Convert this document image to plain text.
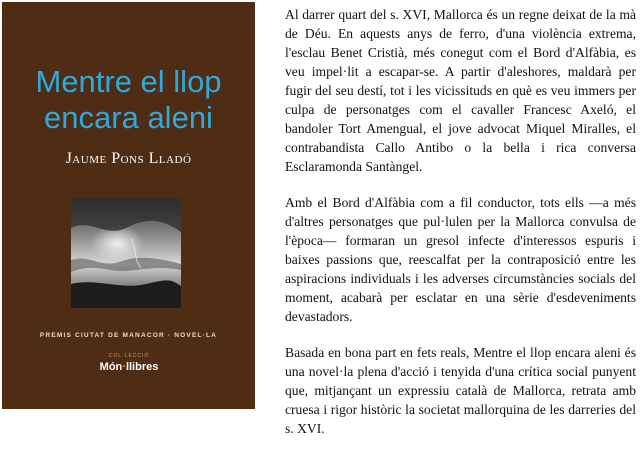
Mentre el llop encara aleni
Jaume Pons Lladó
PREMIS CIUTAT DE MANACOR · NOVEL·LA
COL·LECCIÓ
Món·llibres

Al darrer quart del s. XVI, Mallorca és un regne deixat de la mà de Déu. En aquests anys de ferro, d'una violència extrema, l'esclau Benet Cristià, més conegut com el Bord d'Alfàbia, es veu impel·lit a escapar-se. A partir d'aleshores, maldarà per fugir del seu destí, tot i les vicissituds en què es veu immers per culpa de personatges com el cavaller Francesc Axeló, el bandoler Tort Amengual, el jove advocat Miquel Miralles, el contrabandista Callo Antibo o la bella i rica conversa Esclaramonda Santàngel.

Amb el Bord d'Alfàbia com a fil conductor, tots ells —a més d'altres personatges que pul·lulen per la Mallorca convulsa de l'època— formaran un gresol infecte d'interessos espuris i baixes passions que, reescalfat per la contraposició entre les aspiracions individuals i les adverses circumstàncies socials del moment, acabarà per esclatar en una sèrie d'esdeveniments devastadors.

Basada en bona part en fets reals, Mentre el llop encara aleni és una novel·la plena d'acció i tenyida d'una crítica social punyent que, mitjançant un expressiu català de Mallorca, retrata amb cruesa i rigor històric la societat mallorquina de les darreries del s. XVI.
